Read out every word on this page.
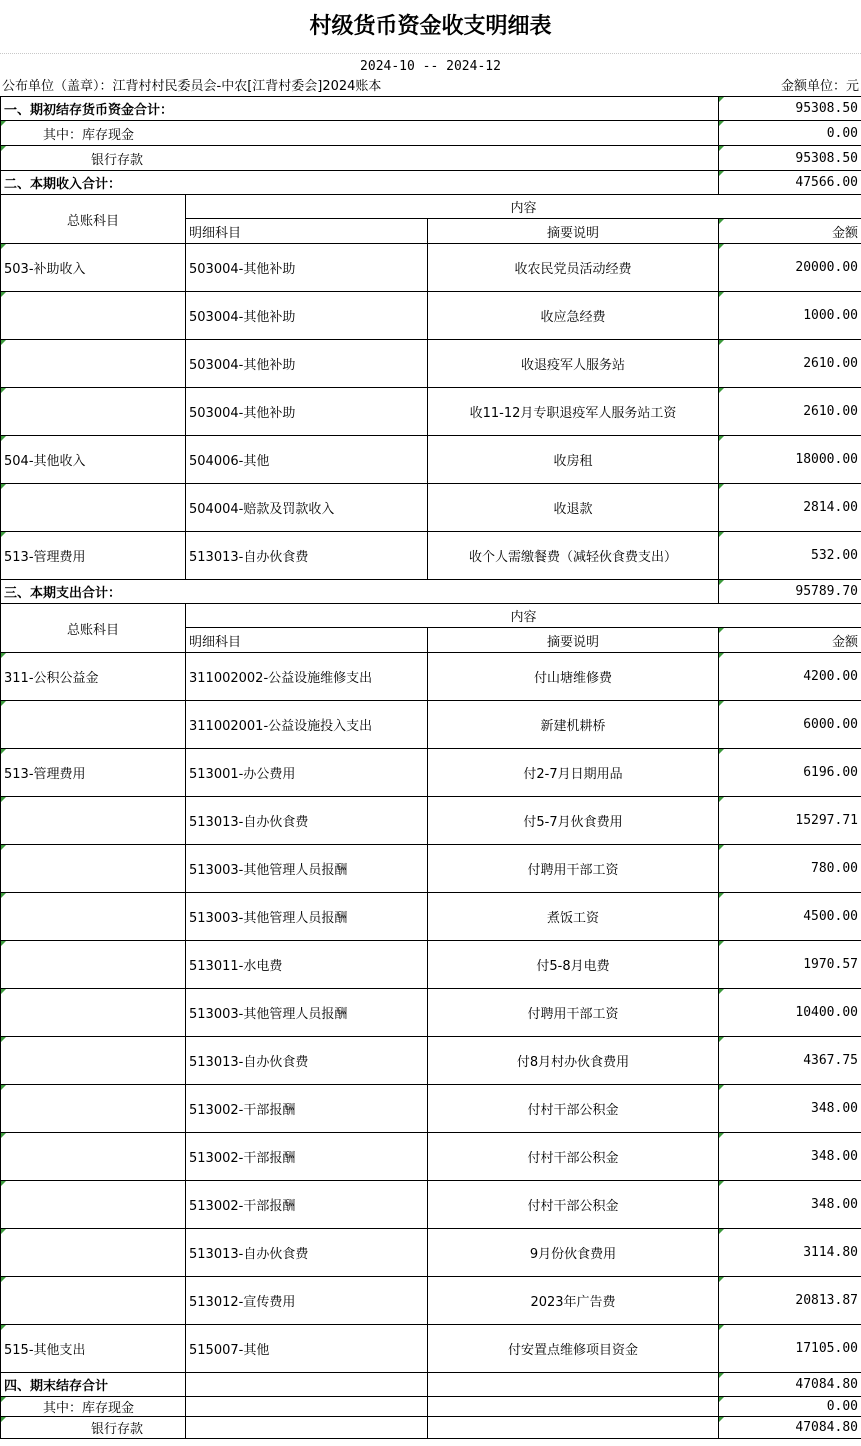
村级货币资金收支明细表
2024-10 -- 2024-12
公布单位（盖章）：江背村村民委员会-中农[江背村委会]2024账本	金额单位：元
一、期初结存货币资金合计：			95308.50
其中：库存现金			0.00
银行存款			95308.50
二、本期收入合计：			47566.00
总账科目	内容		
	明细科目	摘要说明	金额
503-补助收入	503004-其他补助	收农民党员活动经费	20000.00
	503004-其他补助	收应急经费	1000.00
	503004-其他补助	收退疫军人服务站	2610.00
	503004-其他补助	收11-12月专职退疫军人服务站工资	2610.00
504-其他收入	504006-其他	收房租	18000.00
	504004-赔款及罚款收入	收退款	2814.00
513-管理费用	513013-自办伙食费	收个人需缴餐费（减轻伙食费支出）	532.00
三、本期支出合计：			95789.70
总账科目	内容		
	明细科目	摘要说明	金额
311-公积公益金	311002002-公益设施维修支出	付山塘维修费	4200.00
	311002001-公益设施投入支出	新建机耕桥	6000.00
513-管理费用	513001-办公费用	付2-7月日期用品	6196.00
	513013-自办伙食费	付5-7月伙食费用	15297.71
	513003-其他管理人员报酬	付聘用干部工资	780.00
	513003-其他管理人员报酬	煮饭工资	4500.00
	513011-水电费	付5-8月电费	1970.57
	513003-其他管理人员报酬	付聘用干部工资	10400.00
	513013-自办伙食费	付8月村办伙食费用	4367.75
	513002-干部报酬	付村干部公积金	348.00
	513002-干部报酬	付村干部公积金	348.00
	513002-干部报酬	付村干部公积金	348.00
	513013-自办伙食费	9月份伙食费用	3114.80
	513012-宣传费用	2023年广告费	20813.87
515-其他支出	515007-其他	付安置点维修项目资金	17105.00
四、期末结存合计			47084.80
其中：库存现金			0.00
银行存款			47084.80
